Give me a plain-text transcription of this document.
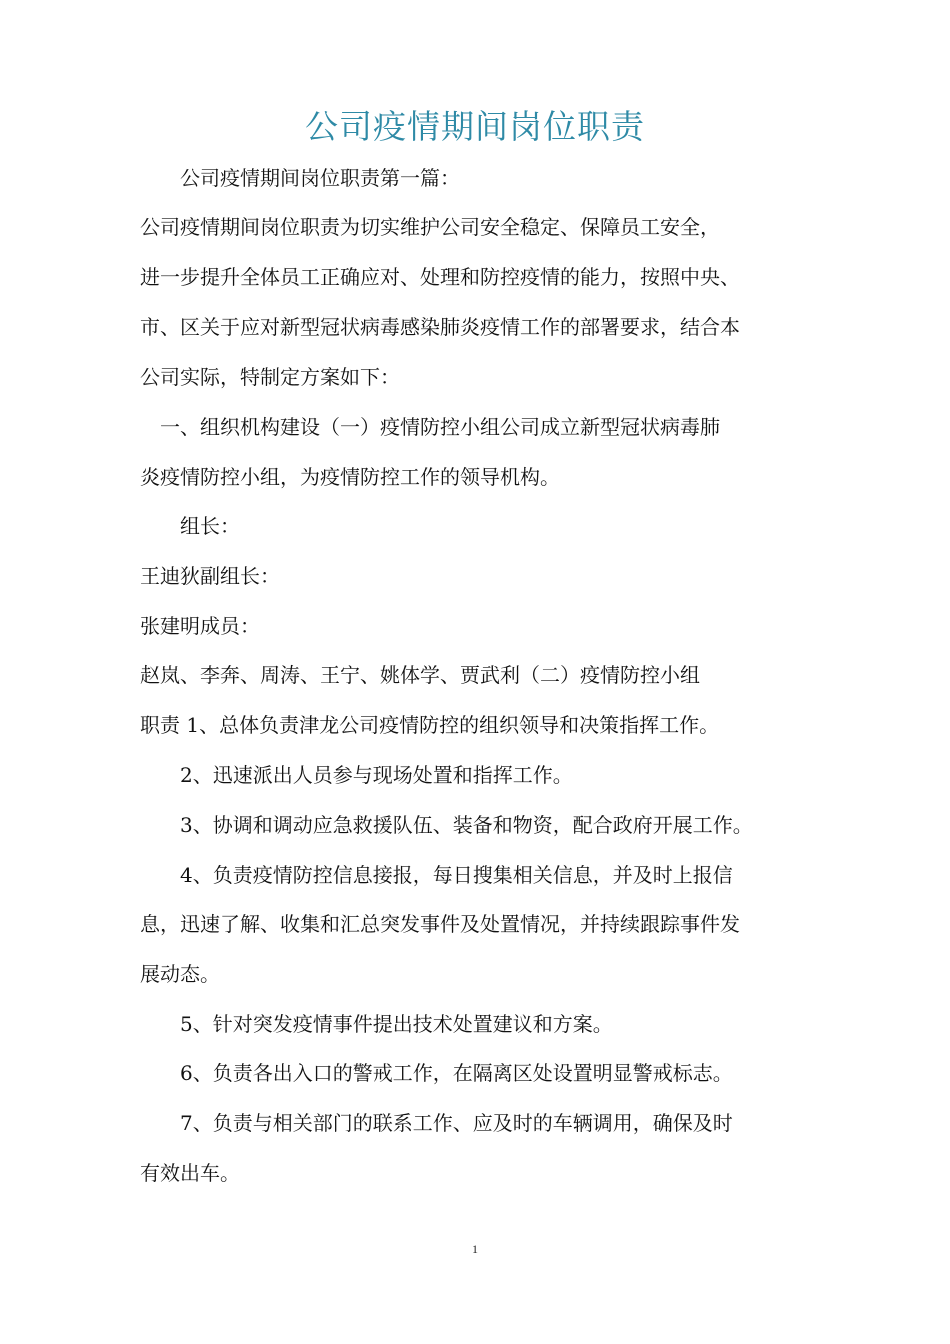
公司疫情期间岗位职责

　　公司疫情期间岗位职责第一篇：

公司疫情期间岗位职责为切实维护公司安全稳定、保障员工安全，

进一步提升全体员工正确应对、处理和防控疫情的能力，按照中央、

市、区关于应对新型冠状病毒感染肺炎疫情工作的部署要求，结合本

公司实际，特制定方案如下：

　一、组织机构建设（一）疫情防控小组公司成立新型冠状病毒肺

炎疫情防控小组，为疫情防控工作的领导机构。

　　组长：

王迪狄副组长：

张建明成员：

赵岚、李奔、周涛、王宁、姚体学、贾武利（二）疫情防控小组

职责 1、总体负责津龙公司疫情防控的组织领导和决策指挥工作。

　　2、迅速派出人员参与现场处置和指挥工作。

　　3、协调和调动应急救援队伍、装备和物资，配合政府开展工作。

　　4、负责疫情防控信息接报，每日搜集相关信息，并及时上报信

息，迅速了解、收集和汇总突发事件及处置情况，并持续跟踪事件发

展动态。

　　5、针对突发疫情事件提出技术处置建议和方案。

　　6、负责各出入口的警戒工作，在隔离区处设置明显警戒标志。

　　7、负责与相关部门的联系工作、应及时的车辆调用，确保及时

有效出车。

1
